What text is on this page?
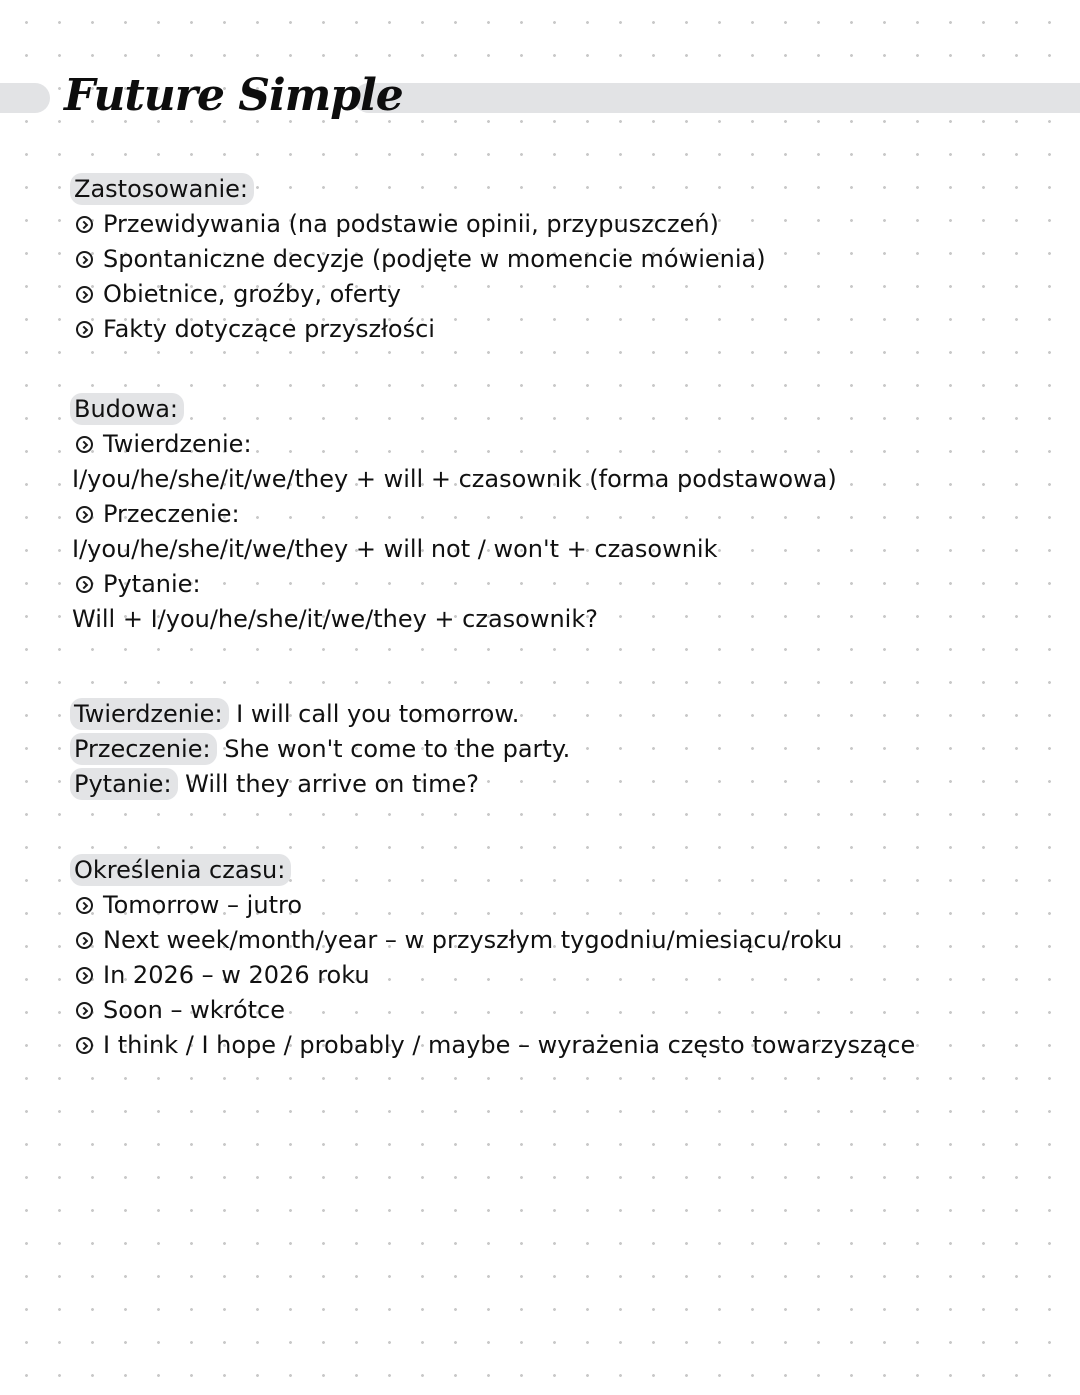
Future Simple
Zastosowanie:
Przewidywania (na podstawie opinii, przypuszczeń)
Spontaniczne decyzje (podjęte w momencie mówienia)
Obietnice, groźby, oferty
Fakty dotyczące przyszłości
Budowa:
Twierdzenie:
I/you/he/she/it/we/they + will + czasownik (forma podstawowa)
Przeczenie:
I/you/he/she/it/we/they + will not / won't + czasownik
Pytanie:
Will + I/you/he/she/it/we/they + czasownik?
Twierdzenie: I will call you tomorrow.
Przeczenie: She won't come to the party.
Pytanie: Will they arrive on time?
Określenia czasu:
Tomorrow – jutro
Next week/month/year – w przyszłym tygodniu/miesiącu/roku
In 2026 – w 2026 roku
Soon – wkrótce
I think / I hope / probably / maybe – wyrażenia często towarzyszące
